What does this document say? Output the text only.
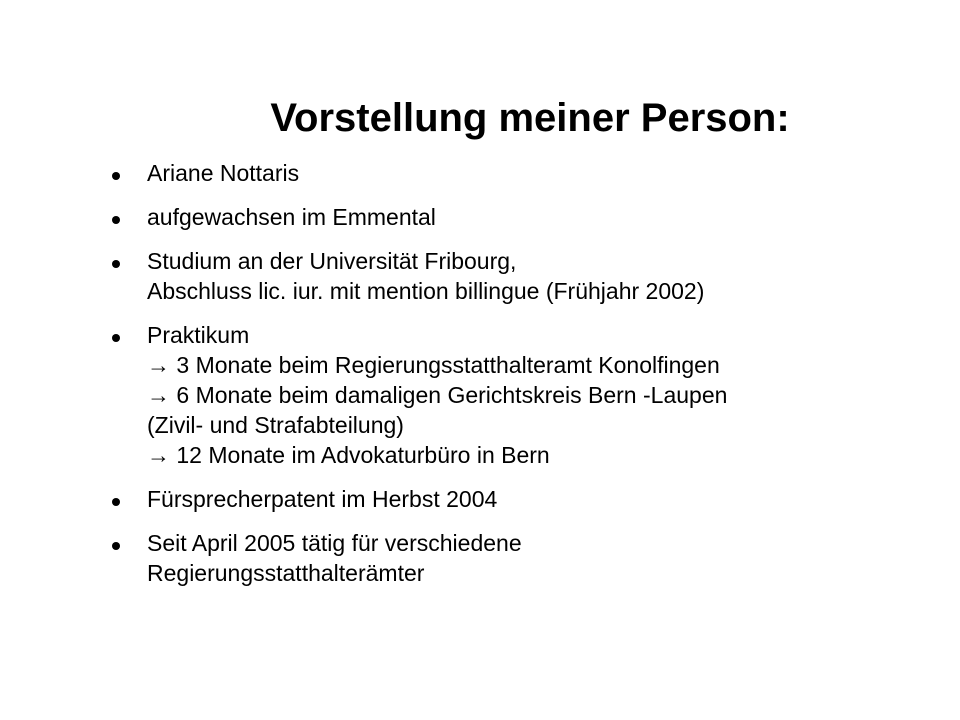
Vorstellung meiner Person:
Ariane Nottaris
aufgewachsen im Emmental
Studium an der Universität Fribourg,
Abschluss lic. iur. mit mention billingue (Frühjahr 2002)
Praktikum
→ 3 Monate beim Regierungsstatthalteramt Konolfingen
→ 6 Monate beim damaligen Gerichtskreis Bern -Laupen
(Zivil- und Strafabteilung)
→ 12 Monate im Advokaturbüro in Bern
Fürsprecherpatent im Herbst 2004
Seit April 2005 tätig für verschiedene
Regierungsstatthalterämter
